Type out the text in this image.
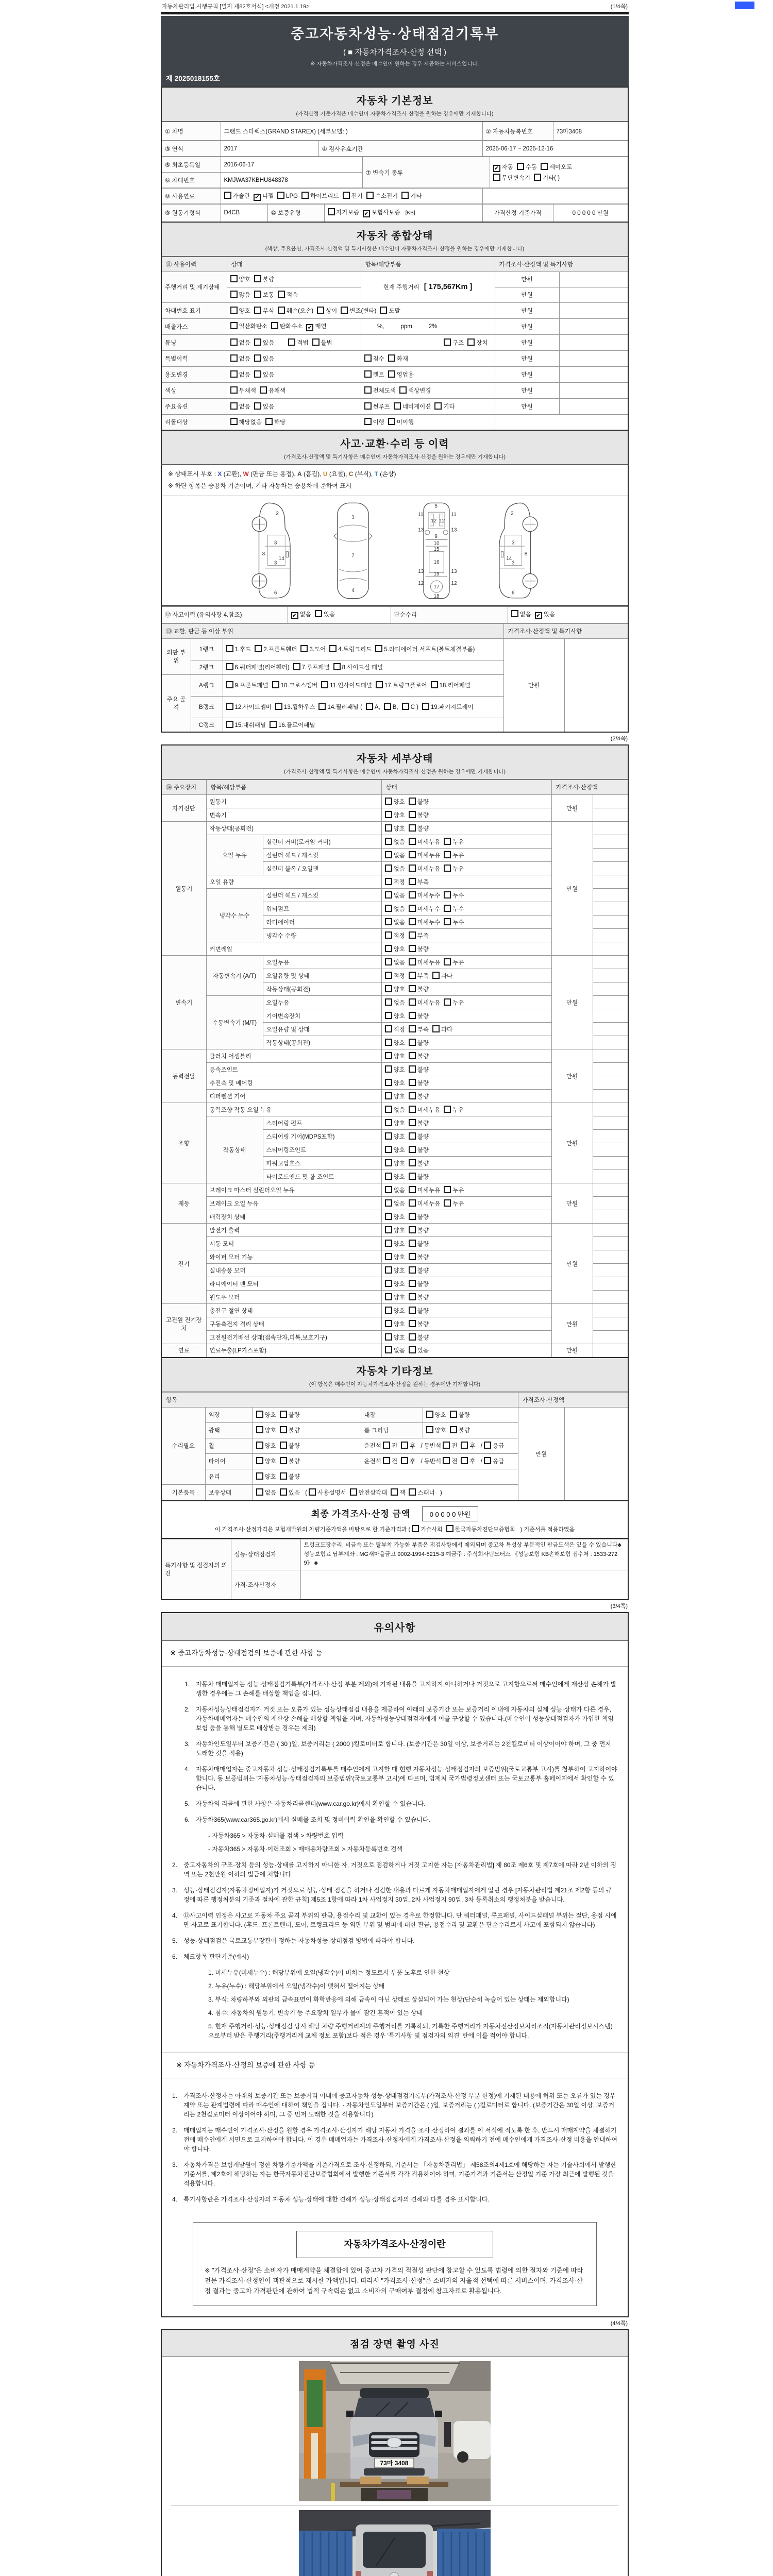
자동차관리법 시행규칙 [별지 제82호서식] <개정 2021.1.19>	(1/4쪽)
중고자동차성능·상태점검기록부
( ■ 자동차가격조사·산정 선택 )
※ 자동차가격조사·산정은 매수인이 원하는 경우 제공하는 서비스입니다.
제 2025018155호
자동차 기본정보
(가격산정 기준가격은 매수인이 자동차가격조사·산정을 원하는 경우에만 기재합니다)
① 차명	그랜드 스타렉스(GRAND STAREX) (세부모델: )	② 자동차등록번호	73마3408
③ 연식	2017	④ 검사유효기간	2025-06-17 ~ 2025-12-16
⑤ 최초등록일	2016-06-17	⑦ 변속기 종류	✔ 자동 수동 세미오토
무단변속기 기타( )

⑥ 차대번호	KMJWA37KBHU848378		
⑧ 사용연료	가솔린 ✔ 디젤 LPG 하이브리드 전기 수소전기 기타	
⑨ 원동기형식	D4CB	⑩ 보증유형	자가보증 ✔ 보험사보증 [KB]	가격산정 기준가격	0 0 0 0 0 만원
자동차 종합상태
(색상, 주요옵션, 가격조사·산정액 및 특기사항은 매수인이 자동차가격조사·산정을 원하는 경우에만 기재합니다)
⑪ 사용이력	상태	항목/해당부품	가격조사·산정액 및 특기사항	
주행거리 및 계기상태	양호 불량	현재 주행거리 [ 175,567Km ]	만원	
	많음 보통 적음		만원	
차대번호 표기	양호 부식 훼손(오손) 상이 변조(변타) 도말		만원	
배출가스	일산화탄소 탄화수소 ✔ 매연	%,          ppm,         2%	만원	
튜닝	없음 있음 적법 불법	구조 장치	만원	
특별이력	없음 있음	침수 화재	만원	
용도변경	없음 있음	렌트 영업용	만원	
색상	무채색 유채색	전체도색 색상변경	만원	
주요옵션	없음 있음	썬루프 네비게이션 기타	만원	
리콜대상	해당없음 해당	이행 미이행		
사고·교환·수리 등 이력
(가격조사·산정액 및 특기사항은 매수인이 자동차가격조사·산정을 원하는 경우에만 기재합니다)
※ 상태표시 부호 : X (교환), W (판금 또는 용접), A (흠집), U (요철), C (부식), T (손상)
※ 하단 항목은 승용차 기준이며, 기타 자동차는 승용차에 준하여 표시
2
8
3
14
3
6
1
7
4
5
11	11
12 12
13	13
9
10
15
16
19
13	13
12	12
17
18
2
8
3
14
3
6
⑫ 사고이력 (유의사항 4.참조)	✔ 없음 있음	단순수리	없음 ✔ 있음
⑬ 교환, 판금 등 이상 부위			가격조사·산정액 및 특기사항	
외판 부위	1랭크	1.후드 2.프론트휀더 3.도어 4.트렁크리드 5.라디에이터 서포트(볼트체결부품)	만원	
	2랭크	6.쿼터패널(리어휀더) 7.루프패널 8.사이드실 패널		
주요 골격	A랭크	9.프론트패널 10.크로스멤버 11.인사이드패널 17.트렁크플로어 18.리어패널		
	B랭크	12.사이드멤버 13.휠하우스 14.필러패널 ( A, B, C ) 19.패키지트레이		
	C랭크	15.대쉬패널 16.플로어패널		
(2/4쪽)
자동차 세부상태
(가격조사·산정액 및 특기사항은 매수인이 자동차가격조사·산정을 원하는 경우에만 기재합니다)
⑭ 주요장치	항목/해당부품		상태	가격조사·산정액	
자기진단	원동기		양호 불량	만원	
	변속기		양호 불량		
원동기	작동상태(공회전)		양호 불량	만원	
	오일 누유	실린더 커버(로커암 커버)	없음 미세누유 누유		
		실린더 헤드 / 개스킷	없음 미세누유 누유		
		실린더 블록 / 오일팬	없음 미세누유 누유		
	오일 유량		적정 부족		
	냉각수 누수	실린더 헤드 / 개스킷	없음 미세누수 누수		
		워터펌프	없음 미세누수 누수		
		라디에이터	없음 미세누수 누수		
		냉각수 수량	적정 부족		
	커먼레일		양호 불량		
변속기	자동변속기 (A/T)	오일누유	없음 미세누유 누유	만원	
		오일유량 및 상태	적정 부족 과다		
		작동상태(공회전)	양호 불량		
	수동변속기 (M/T)	오일누유	없음 미세누유 누유		
		기어변속장치	양호 불량		
		오일유량 및 상태	적정 부족 과다		
		작동상태(공회전)	양호 불량		
동력전달	클러치 어셈블리		양호 불량	만원	
	등속조인트		양호 불량		
	추진축 및 베어링		양호 불량		
	디퍼렌셜 기어		양호 불량		
조향	동력조향 작동 오일 누유		없음 미세누유 누유	만원	
	작동상태	스티어링 펌프	양호 불량		
		스티어링 기어(MDPS포함)	양호 불량		
		스티어링조인트	양호 불량		
		파워고압호스	양호 불량		
		타이로드엔드 및 볼 조인트	양호 불량		
제동	브레이크 마스터 실린더오일 누유		없음 미세누유 누유	만원	
	브레이크 오일 누유		없음 미세누유 누유		
	배력장치 상태		양호 불량		
전기	발전기 출력		양호 불량	만원	
	시동 모터		양호 불량		
	와이퍼 모터 기능		양호 불량		
	실내송풍 모터		양호 불량		
	라디에이터 팬 모터		양호 불량		
	윈도우 모터		양호 불량		
고전원 전기장치	충전구 절연 상태		양호 불량	만원	
	구동축전지 격리 상태		양호 불량		
	고전원전기배선 상태(접속단자,피복,보호기구)		양호 불량		
연료	연료누출(LP가스포함)		없음 있음	만원	
자동차 기타정보
(이 항목은 매수인이 자동차가격조사·산정을 원하는 경우에만 기재합니다)
항목					가격조사·산정액	
수리필요	외장	양호 불량	내장	양호 불량	만원	
	광택	양호 불량	룸 크리닝	양호 불량		
	휠	양호 불량	운전석 전 후 / 동반석 전 후 / 응급			
	타이어	양호 불량	운전석 전 후 / 동반석 전 후 / 응급			
	유리	양호 불량				
기본품목	보유상태	없음 있음 ( 사용설명서 안전삼각대 잭 스패너 )				
최종 가격조사·산정 금액	0 0 0 0 0 만원
이 가격조사·산정가격은 보험개발원의 차량기준가액을 바탕으로 한 기준가격과 ( 기술사회 한국자동차진단보증협회 ) 기준서를 적용하였음
특기사항 및 점검자의 의견	성능·상태점검자	트렁크도장수리, 비금속 또는 탈부착 가능한 부품은 점검사항에서 제외되며 중고차 특성상 부분적인 판금도색은 있을 수 있습니다♣ 성능보험료 납부계좌 : MG새마을금고 9002-1994-5215-3 예금주 : 주식회사팀모터스 《성능보험 KB손해보험 접수처 : 1533-2729》 ♣
	가격·조사산정자	
(3/4쪽)
유의사항
※ 중고자동차성능·상태점검의 보증에 관한 사항 등
1. 자동차 매매업자는 성능·상태점검기록부(가격조사·산정 부분 제외)에 기재된 내용을 고지하지 아니하거나 거짓으로 고지함으로써 매수인에게 재산상 손해가 발생한 경우에는 그 손해를 배상할 책임을 집니다.
2. 자동차성능상태점검자가 거짓 또는 오류가 있는 성능상태점검 내용을 제공하여 아래의 보증기간 또는 보증거리 이내에 자동차의 실제 성능·상태가 다른 경우, 자동차매매업자는 매수인의 재산상 손해를 배상할 책임을 지며, 자동차성능상태점검자에게 이를 구상할 수 있습니다.(매수인이 성능상태점검자가 가입한 책임보험 등을 통해 별도로 배상받는 경우는 제외)
3. 자동차인도일부터 보증기간은 ( 30 )일, 보증거리는 ( 2000 )킬로미터로 합니다. (보증기간은 30일 이상, 보증거리는 2천킬로미터 이상이어야 하며, 그 중 먼저 도래한 것을 적용)
4. 자동차매매업자는 중고자동차 성능·상태점검기록부를 매수인에게 고지할 때 현행 자동차성능·상태점검자의 보증범위(국토교통부 고시)를 첨부하여 고지하여야 합니다. 동 보증범위는 '자동차성능·상태점검자의 보증범위'(국토교통부 고시)에 따르며, 법제처 국가법령정보센터 또는 국토교통부 홈페이지에서 확인할 수 있습니다.
5. 자동차의 리콜에 관한 사항은 자동차리콜센터(www.car.go.kr)에서 확인할 수 있습니다.
6. 자동차365(www.car365.go.kr)에서 실매물 조회 및 정비이력 확인을 확인할 수 있습니다.
- 자동차365 > 자동차·실매물 검색 > 차량번호 입력
- 자동차365 > 자동차·이력조회 > 매매용차량조회 > 자동차등록번호 검색
2. 중고자동차의 구조·장치 등의 성능·상태를 고지하지 아니한 자, 거짓으로 점검하거나 거짓 고지한 자는 [자동차관리법] 제 80조 제6호 및 제7호에 따라 2년 이하의 징역 또는 2천만원 이하의 벌금에 처합니다.
3. 성능·상태점검자(자동차정비업자)가 거짓으로 성능·상태 점검을 하거나 점검한 내용과 다르게 자동차매매업자에게 알린 경우 [자동차관리법 제21조 제2항 등의 규정에 따른 행정처분의 기준과 절차에 관한 규칙] 제5조 1항에 따라 1차 사업정지 30일, 2차 사업정지 90일, 3차 등록취소의 행정처분을 받습니다.
4. ⑫사고이력 인정은 사고로 자동차 주요 골격 부위의 판금, 용접수리 및 교환이 있는 경우로 한정합니다. 단 쿼터패널, 루프패널, 사이드실패널 부위는 절단, 용접 시에만 사고로 표기합니다. (후드, 프론트펜더, 도어, 트렁크리드 등 외판 부위 및 범퍼에 대한 판금, 용접수리 및 교환은 단순수리로서 사고에 포함되지 않습니다)
5. 성능·상태점검은 국토교통부장관이 정하는 자동차성능·상태점검 방법에 따라야 합니다.
6. 체크항목 판단기준(예시)
1. 미세누유(미세누수) : 해당부위에 오일(냉각수)이 비치는 정도로서 부품 노후로 인한 현상
2. 누유(누수) : 해당부위에서 오일(냉각수)이 맺혀서 떨어지는 상태
3. 부식: 차량하부와 외판의 금속표면이 화학반응에 의해 금속이 아닌 상태로 상실되어 가는 현상(단순히 녹슬어 있는 상태는 제외합니다)
4. 침수: 자동차의 원동기, 변속기 등 주요장치 일부가 물에 잠긴 흔적이 있는 상태
5. 현재 주행거리·성능·상태점검 당시 해당 차량 주행거리계의 주행거리를 기록하되, 기록한 주행거리가 자동차전산정보처리조직(자동차관리정보시스템)으로부터 받은 주행거리(주행거리계 교체 정보 포함)보다 적은 경우 '특기사항 및 점검자의 의견' 란에 이를 적어야 합니다.
※ 자동차가격조사·산정의 보증에 관한 사항 등
1. 가격조사·산정자는 아래의 보증기간 또는 보증거리 이내에 중고자동차 성능·상태점검기록부(가격조사·산정 부분 한정)에 기재된 내용에 허위 또는 오류가 있는 경우 계약 또는 관계법령에 따라 매수인에 대하여 책임을 집니다. · 자동차인도일부터 보증기간은 ( )일, 보증거리는 ( )킬로미터로 합니다. (보증기간은 30일 이상, 보증거리는 2천킬로미터 이상이어야 하며, 그 중 먼저 도래한 것을 적용합니다)
2. 매매업자는 매수인이 가격조사·산정을 원할 경우 가격조사·산정자가 해당 자동차 가격을 조사·산정하여 결과를 이 서식에 적도록 한 후, 반드시 매매계약을 체결하기 전에 매수인에게 서면으로 고지하여야 합니다. 이 경우 매매업자는 가격조사·산정자에게 가격조사·산정을 의뢰하기 전에 매수인에게 가격조사·산정 비용을 안내하여야 합니다.
3. 자동차가격은 보험개발원이 정한 차량기준가액을 기준가격으로 조사·산정하되, 기준서는 「자동차관리법」 제58조의4제1호에 해당하는 자는 기술사회에서 발행한 기준서를, 제2호에 해당하는 자는 한국자동차진단보증협회에서 발행한 기준서를 각각 적용하여야 하며, 기준가격과 기준서는 산정일 기준 가장 최근에 발행된 것을 적용합니다.
4. 특기사항란은 가격조사·산정자의 자동차 성능·상태에 대한 견해가 성능·상태점검자의 견해와 다를 경우 표시합니다.
자동차가격조사·산정이란
※ "가격조사·산정"은 소비자가 매매계약을 체결함에 있어 중고차 가격의 적절성 판단에 참고할 수 있도록 법령에 의한 절차와 기준에 따라 전문 가격조사·산정인이 객관적으로 제시한 가액입니다. 따라서 "가격조사·산정"은 소비자의 자율적 선택에 따른 서비스이며, 가격조사·산정 결과는 중고차 가격판단에 관하여 법적 구속력은 없고 소비자의 구매여부 결정에 참고자료로 활용됩니다.
(4/4쪽)
점검 장면 촬영 사진
73마 3408
